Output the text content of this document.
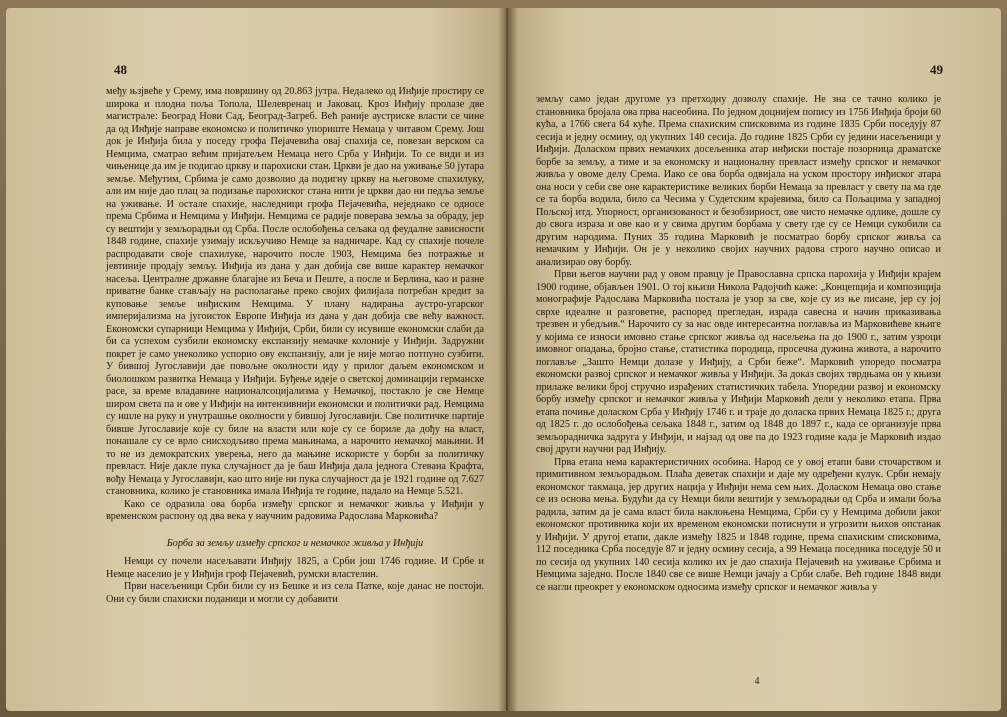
48

међу њзјвеће у Срему, има површину од 20.863 јутра. Недалеко од Инђије простиру се широка и плодна поља Топола, Шелевренац и Јаковац. Кроз Инђију пролазе две магистрале: Београд Нови Сад, Београд-Загреб. Већ раније аустриске власти се чине да од Инђије направе економско и политичко упориште Немаца у читавом Срему. Још док је Инђија била у поседу грофа Пејачевића овај спахија се, повезан верском са Немцима, сматрао већим пријатељем Немаца него Срба у Инђији. То се види и из чињенице да им је подигао цркву и парохиски стан. Цркви је дао на уживање 50 јутара земље. Међутим, Србима је само дозволио да подигну цркву на његовоме спахилуку, али им није дао плац за подизање парохиског стана нити је цркви дао ни педља земље на уживање. И остале спахије, наследници грофа Пејачевића, неједнако се односе према Србима и Немцима у Инђији. Немцима се радије поверава земља за обраду, јер су вештији у земљорадњи од Срба. После ослобођења сељака од феудалне зависности 1848 године, спахије узимају искључиво Немце за надничаре. Кад су спахије почеле распродавати своје спахилуке, нарочито после 1903, Немцима без потражње и јевтиније продају земљу. Инђија из дана у дан добија све више карактер немачког насеља. Централне државне благајне из Беча и Пеште, а после и Берлина, као и разне приватне банке стављају на располагање преко својих филијала потребан кредит за куповање земље инђиским Немцима. У плану надирања аустро-угарског империјализма на југоисток Европе Инђија из дана у дан добија све већу важност. Економски супарници Немцима у Инђији, Срби, били су исувише економски слаби да би са успехом сузбили економску експанзију немачке колоније у Инђији. Задружни покрет је само унеколико успорио ову експанзију, али је није могао потпуно сузбити. У бившој Југославији дае повољне околности иду у прилог даљем економском и биолошком развитка Немаца у Инђији. Буђење идеје о светској доминацији германске расе, за време владавине националсоцијализма у Немачкој, постакло је све Немце широм света па и ове у Инђији на интензивнији економски и политички рад. Немцима су ишле на руку и унутрашње околности у бившој Југославији. Све политичке партије бивше Југославије које су биле на власти или које су се бориле да дођу на власт, понашале су се врло снисходљиво према мањинама, а нарочито немачкој мањини. И то не из демократских уверења, него да мањине искористе у борби за политичку превласт. Није дакле пука случајност да је баш Инђија дала једнога Стевана Крафта, вођу Немаца у Југославији, као што није ни пука случајност да је 1921 године од 7.627 становника, колико је становника имала Инђија те године, падало на Немце 5.521.

Како се одразила ова борба између српског и немачког живља у Инђији у временском распону од два века у научним радовима Радослава Марковића?

Борба за земљу између српског и немачког живља у Инђији

Немци су почели насељавати Инђију 1825, а Срби још 1746 године. И Србе и Немце населио је у Инђији гроф Пејачевић, румски властелин.

Први насељеници Срби били су из Бешке и из села Патке, које данас не постоји. Они су били спахиски поданици и могли су добавити

49

земљу само један другоме уз претходну дозволу спахије. Не зна се тачно колико је становника бројала ова прва насеобина. По једном доцнијем попису из 1756 Инђија броји 60 кућа, а 1766 свега 64 куће. Према спахиским списковима из године 1835 Срби поседују 87 сесија и једну осмину, од укупних 140 сесија. До године 1825 Срби су једини насељеници у Инђији. Доласком првих немачких досељеника атар инђиски постаје позорница драматске борбе за земљу, а тиме и за економску и националну превласт између српског и немачког живља у овоме делу Срема. Иако се ова борба одвијала на уском простору инђиског атара она носи у себи све оне карактеристике великих борби Немаца за превласт у свету па ма где се та борба водила, било са Чесима у Судетским крајевима, било са Пољацима у западној Пољској итд. Упорност, организованост и безобзирност, ове чисто немачке одлике, дошле су до свога израза и ове као и у свима другим борбама у свету где су се Немци сукобили са другим народима. Пуних 35 година Марковић је посматрао борбу српског живља са немачким у Инђији. Он је у неколико својих научних радова строго научно описао и анализирао ову борбу.

Први његов научни рад у овом правцу је Православна српска парохија у Инђији крајем 1900 године, објављен 1901. О тој књизи Никола Радојчић каже: „Концепција и композиција монографије Радослава Марковића постала је узор за све, које су из ње писане, јер су јој сврхе идеалне и разговетне, распоред прегледан, израда савесна и начин приказивања трезвен и убедљив.“ Нарочито су за нас овде интересантна поглавља из Марковићеве књиге у којима се износи имовно стање српског живља од насељења па до 1900 г., затим узроци имовног опадања, бројно стање, статистика породица, просечна дужина живота, а нарочито поглавље „Зашто Немци долазе у Инђију, а Срби беже“. Марковић упоредо посматра економски развој српског и немачког живља у Инђији. За доказ својих тврдњама он у књизи прилаже велики број стручно израђених статистичких табела. Упоредни развој и економску борбу између српског и немачког живља у Инђији Марковић дели у неколико етапа. Прва етапа почиње доласком Срба у Инђију 1746 г. и траје до доласка првих Немаца 1825 г.; друга од 1825 г. до ослобођења сељака 1848 г., затим од 1848 до 1897 г., када се организује прва земљорадничка задруга у Инђији, и најзад од ове па до 1923 године када је Марковић издао свој други научни рад Инђију.

Прва етапа нема карактеристичних особина. Народ се у овој етапи бави сточарством и примитивном земљорадњом. Плаћа деветак спахији и даје му одређени кулук. Срби немају економског такмаца, јер других нација у Инђији нема сем њих. Доласком Немаца ово стање се из основа мења. Будући да су Немци били вештији у земљорадњи од Срба и имали боља радила, затим да је сама власт била наклоњена Немцима, Срби су у Немцима добили јаког економског противника који их временом економски потиснути и угрозити њихов опстанак у Инђији. У другој етапи, дакле између 1825 и 1848 године, према спахиским списковима, 112 поседника Срба поседује 87 и једну осмину сесија, а 99 Немаца поседника поседује 50 и по сесија од укупних 140 сесија колико их је дао спахија Пејачевић на уживање Србима и Немцима заједно. После 1840 све се више Немци јачају а Срби слабе. Већ године 1848 види се нагли преокрет у економском односима између српског и немачког живља у

4
